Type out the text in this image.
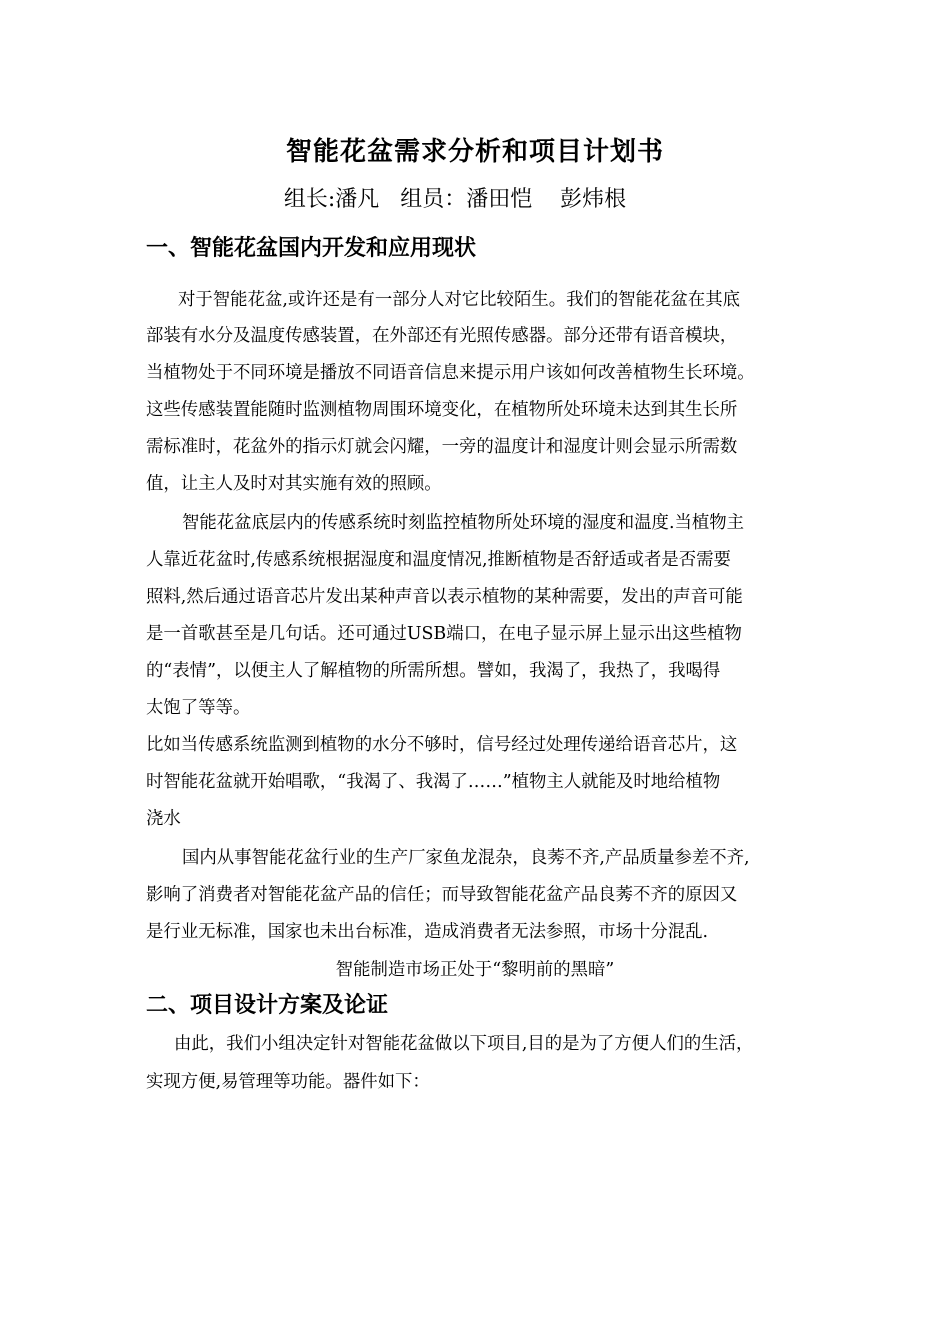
智能花盆需求分析和项目计划书
组长:潘凡   组员：潘田恺    彭炜根
一、智能花盆国内开发和应用现状
对于智能花盆,或许还是有一部分人对它比较陌生。我们的智能花盆在其底
部装有水分及温度传感装置，在外部还有光照传感器。部分还带有语音模块，
当植物处于不同环境是播放不同语音信息来提示用户该如何改善植物生长环境。
这些传感装置能随时监测植物周围环境变化，在植物所处环境未达到其生长所
需标准时，花盆外的指示灯就会闪耀，一旁的温度计和湿度计则会显示所需数
值，让主人及时对其实施有效的照顾。
智能花盆底层内的传感系统时刻监控植物所处环境的湿度和温度.当植物主
人靠近花盆时,传感系统根据湿度和温度情况,推断植物是否舒适或者是否需要
照料,然后通过语音芯片发出某种声音以表示植物的某种需要，发出的声音可能
是一首歌甚至是几句话。还可通过USB端口，在电子显示屏上显示出这些植物
的“表情”，以便主人了解植物的所需所想。譬如，我渴了，我热了，我喝得
太饱了等等。
比如当传感系统监测到植物的水分不够时，信号经过处理传递给语音芯片，这
时智能花盆就开始唱歌，“我渴了、我渴了……”植物主人就能及时地给植物
浇水
国内从事智能花盆行业的生产厂家鱼龙混杂，良莠不齐,产品质量参差不齐,
影响了消费者对智能花盆产品的信任；而导致智能花盆产品良莠不齐的原因又
是行业无标准，国家也未出台标准，造成消费者无法参照，市场十分混乱.
智能制造市场正处于“黎明前的黑暗”
二、项目设计方案及论证
由此，我们小组决定针对智能花盆做以下项目,目的是为了方便人们的生活，
实现方便,易管理等功能。器件如下：
